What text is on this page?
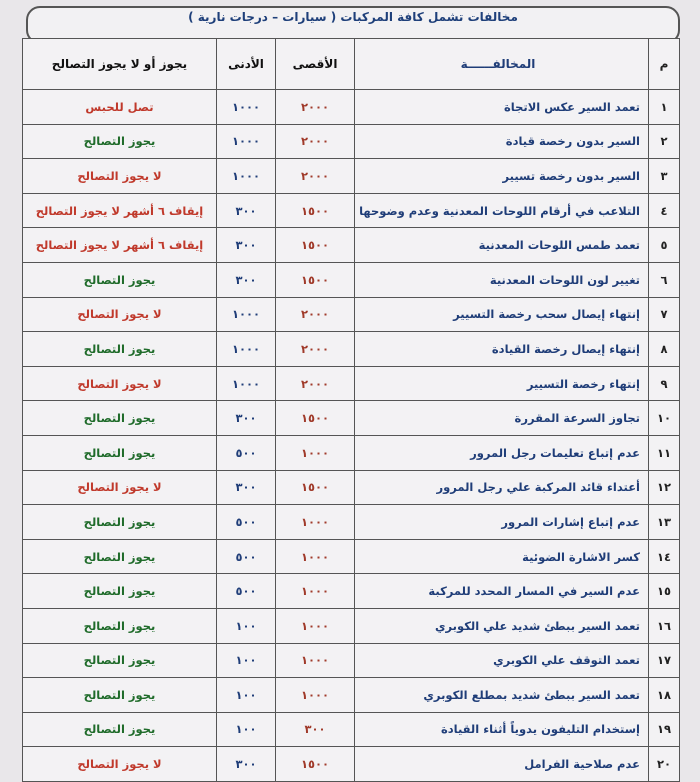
مخالفات تشمل كافة المركبات ( سيارات – درجات نارية )
م	المخالفــــــة	الأقصى	الأدنى	يجوز أو لا يجوز التصالح
١	تعمد السير عكس الاتجاة	٢٠٠٠	١٠٠٠	تصل للحبس
٢	السير بدون رخصة قيادة	٢٠٠٠	١٠٠٠	يجوز التصالح
٣	السير بدون رخصة تسيير	٢٠٠٠	١٠٠٠	لا يجوز التصالح
٤	التلاعب في أرقام اللوحات المعدنية وعدم وضوحها	١٥٠٠	٣٠٠	إيقاف ٦ أشهر لا يجوز التصالح
٥	تعمد طمس اللوحات المعدنية	١٥٠٠	٣٠٠	إيقاف ٦ أشهر لا يجوز التصالح
٦	تغيير لون اللوحات المعدنية	١٥٠٠	٣٠٠	يجوز التصالح
٧	إنتهاء إيصال سحب رخصة التسيير	٢٠٠٠	١٠٠٠	لا يجوز التصالح
٨	إنتهاء إيصال رخصة القيادة	٢٠٠٠	١٠٠٠	يجوز التصالح
٩	إنتهاء رخصة التسيير	٢٠٠٠	١٠٠٠	لا يجوز التصالح
١٠	تجاوز السرعة المقررة	١٥٠٠	٣٠٠	يجوز التصالح
١١	عدم إتباع تعليمات رجل المرور	١٠٠٠	٥٠٠	يجوز التصالح
١٢	أعتداء قائد المركبة علي رجل المرور	١٥٠٠	٣٠٠	لا يجوز التصالح
١٣	عدم إتباع إشارات المرور	١٠٠٠	٥٠٠	يجوز التصالح
١٤	كسر الاشارة الضوئية	١٠٠٠	٥٠٠	يجوز التصالح
١٥	عدم السير في المسار المحدد للمركبة	١٠٠٠	٥٠٠	يجوز التصالح
١٦	تعمد السير ببطئ شديد علي الكوبري	١٠٠٠	١٠٠	يجوز التصالح
١٧	تعمد التوقف علي الكوبري	١٠٠٠	١٠٠	يجوز التصالح
١٨	تعمد السير ببطئ شديد بمطلع الكوبري	١٠٠٠	١٠٠	يجوز التصالح
١٩	إستخدام التليفون يدوياً أثناء القيادة	٣٠٠	١٠٠	يجوز التصالح
٢٠	عدم صلاحية الفرامل	١٥٠٠	٣٠٠	لا يجوز التصالح
